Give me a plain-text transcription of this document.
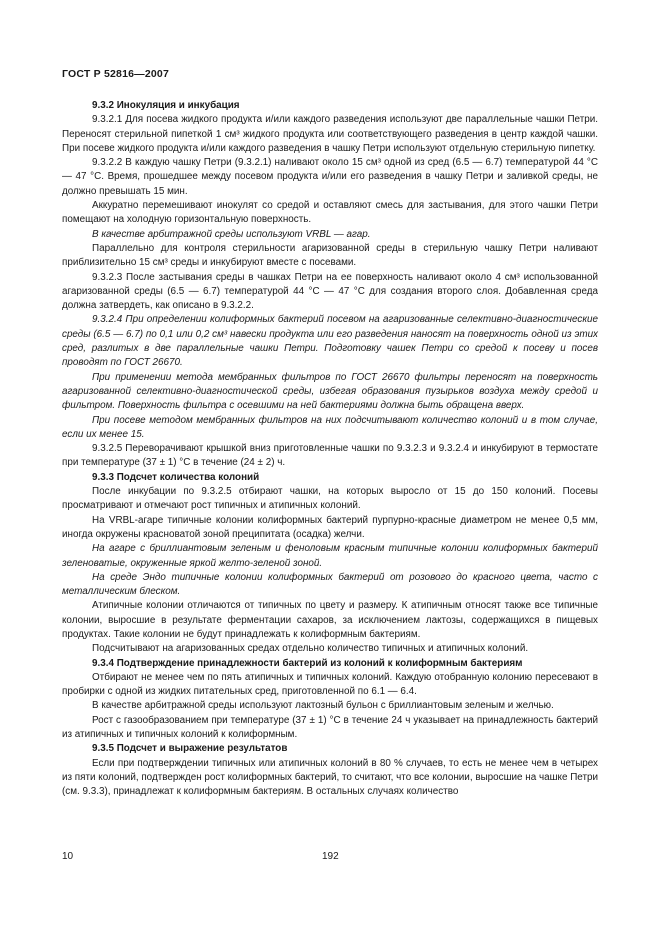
ГОСТ Р 52816—2007

9.3.2 Инокуляция и инкубация

9.3.2.1 Для посева жидкого продукта и/или каждого разведения используют две параллельные чашки Петри. Переносят стерильной пипеткой 1 см³ жидкого продукта или соответствующего разведения в центр каждой чашки. При посеве жидкого продукта и/или каждого разведения в чашку Петри используют отдельную стерильную пипетку.

9.3.2.2 В каждую чашку Петри (9.3.2.1) наливают около 15 см³ одной из сред (6.5 — 6.7) температурой 44 °С — 47 °С. Время, прошедшее между посевом продукта и/или его разведения в чашку Петри и заливкой среды, не должно превышать 15 мин.

Аккуратно перемешивают инокулят со средой и оставляют смесь для застывания, для этого чашки Петри помещают на холодную горизонтальную поверхность.

В качестве арбитражной среды используют VRBL — агар.

Параллельно для контроля стерильности агаризованной среды в стерильную чашку Петри наливают приблизительно 15 см³ среды и инкубируют вместе с посевами.

9.3.2.3 После застывания среды в чашках Петри на ее поверхность наливают около 4 см³ использованной агаризованной среды (6.5 — 6.7) температурой 44 °С — 47 °С для создания второго слоя. Добавленная среда должна затвердеть, как описано в 9.3.2.2.

9.3.2.4 При определении колиформных бактерий посевом на агаризованные селективно-диагностические среды (6.5 — 6.7) по 0,1 или 0,2 см³ навески продукта или его разведения наносят на поверхность одной из этих сред, разлитых в две параллельные чашки Петри. Подготовку чашек Петри со средой к посеву и посев проводят по ГОСТ 26670.

При применении метода мембранных фильтров по ГОСТ 26670 фильтры переносят на поверхность агаризованной селективно-диагностической среды, избегая образования пузырьков воздуха между средой и фильтром. Поверхность фильтра с осевшими на ней бактериями должна быть обращена вверх.

При посеве методом мембранных фильтров на них подсчитывают количество колоний и в том случае, если их менее 15.

9.3.2.5 Переворачивают крышкой вниз приготовленные чашки по 9.3.2.3 и 9.3.2.4 и инкубируют в термостате при температуре (37 ± 1) °С в течение (24 ± 2) ч.

9.3.3 Подсчет количества колоний

После инкубации по 9.3.2.5 отбирают чашки, на которых выросло от 15 до 150 колоний. Посевы просматривают и отмечают рост типичных и атипичных колоний.

На VRBL-агаре типичные колонии колиформных бактерий пурпурно-красные диаметром не менее 0,5 мм, иногда окружены красноватой зоной преципитата (осадка) желчи.

На агаре с бриллиантовым зеленым и феноловым красным типичные колонии колиформных бактерий зеленоватые, окруженные яркой желто-зеленой зоной.

На среде Эндо типичные колонии колиформных бактерий от розового до красного цвета, часто с металлическим блеском.

Атипичные колонии отличаются от типичных по цвету и размеру. К атипичным относят также все типичные колонии, выросшие в результате ферментации сахаров, за исключением лактозы, содержащихся в пищевых продуктах. Такие колонии не будут принадлежать к колиформным бактериям.

Подсчитывают на агаризованных средах отдельно количество типичных и атипичных колоний.

9.3.4 Подтверждение принадлежности бактерий из колоний к колиформным бактериям

Отбирают не менее чем по пять атипичных и типичных колоний. Каждую отобранную колонию пересевают в пробирки с одной из жидких питательных сред, приготовленной по 6.1 — 6.4.

В качестве арбитражной среды используют лактозный бульон с бриллиантовым зеленым и желчью.

Рост с газообразованием при температуре (37 ± 1) °С в течение 24 ч указывает на принадлежность бактерий из атипичных и типичных колоний к колиформным.

9.3.5 Подсчет и выражение результатов

Если при подтверждении типичных или атипичных колоний в 80 % случаев, то есть не менее чем в четырех из пяти колоний, подтвержден рост колиформных бактерий, то считают, что все колонии, выросшие на чашке Петри (см. 9.3.3), принадлежат к колиформным бактериям. В остальных случаях количество

10	192
